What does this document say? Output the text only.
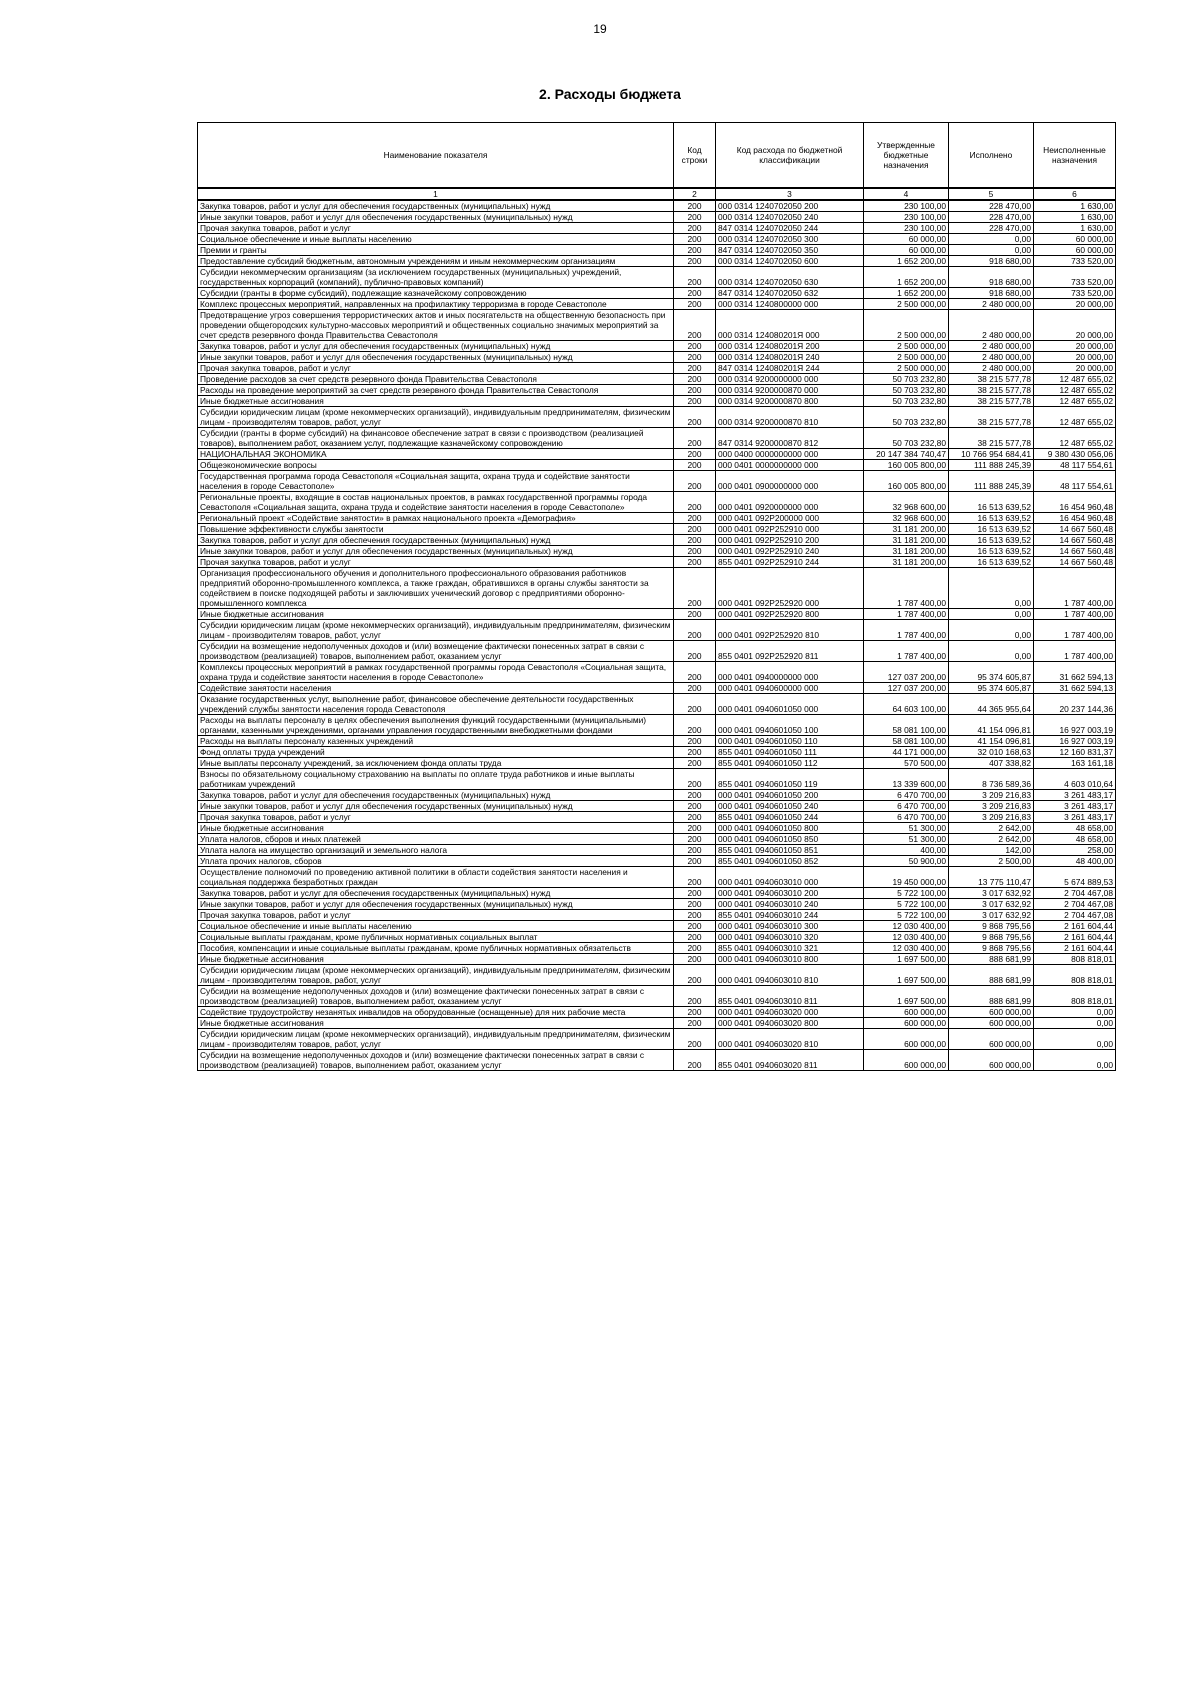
19
2. Расходы бюджета
Наименование показателя	Код строки	Код расхода по бюджетной классификации	Утвержденные бюджетные назначения	Исполнено	Неисполненные назначения
1	2	3	4	5	6
Закупка товаров, работ и услуг для обеспечения государственных (муниципальных) нужд	200	000 0314 1240702050 200	230 100,00	228 470,00	1 630,00
Иные закупки товаров, работ и услуг для обеспечения государственных (муниципальных) нужд	200	000 0314 1240702050 240	230 100,00	228 470,00	1 630,00
Прочая закупка товаров, работ и услуг	200	847 0314 1240702050 244	230 100,00	228 470,00	1 630,00
Социальное обеспечение и иные выплаты населению	200	000 0314 1240702050 300	60 000,00	0,00	60 000,00
Премии и гранты	200	847 0314 1240702050 350	60 000,00	0,00	60 000,00
Предоставление субсидий бюджетным, автономным учреждениям и иным некоммерческим организациям	200	000 0314 1240702050 600	1 652 200,00	918 680,00	733 520,00
Субсидии некоммерческим организациям (за исключением государственных (муниципальных) учреждений, государственных корпораций (компаний), публично-правовых компаний)	200	000 0314 1240702050 630	1 652 200,00	918 680,00	733 520,00
Субсидии (гранты в форме субсидий), подлежащие казначейскому сопровождению	200	847 0314 1240702050 632	1 652 200,00	918 680,00	733 520,00
Комплекс процессных мероприятий, направленных на профилактику терроризма в городе Севастополе	200	000 0314 1240800000 000	2 500 000,00	2 480 000,00	20 000,00
Предотвращение угроз совершения террористических актов и иных посягательств на общественную безопасность при проведении общегородских культурно-массовых мероприятий и общественных социально значимых мероприятий за счет средств резервного фонда Правительства Севастополя	200	000 0314 124080201Я 000	2 500 000,00	2 480 000,00	20 000,00
Закупка товаров, работ и услуг для обеспечения государственных (муниципальных) нужд	200	000 0314 124080201Я 200	2 500 000,00	2 480 000,00	20 000,00
Иные закупки товаров, работ и услуг для обеспечения государственных (муниципальных) нужд	200	000 0314 124080201Я 240	2 500 000,00	2 480 000,00	20 000,00
Прочая закупка товаров, работ и услуг	200	847 0314 124080201Я 244	2 500 000,00	2 480 000,00	20 000,00
Проведение расходов за счет средств резервного фонда Правительства Севастополя	200	000 0314 9200000000 000	50 703 232,80	38 215 577,78	12 487 655,02
Расходы на проведение мероприятий за счет средств резервного фонда Правительства Севастополя	200	000 0314 9200000870 000	50 703 232,80	38 215 577,78	12 487 655,02
Иные бюджетные ассигнования	200	000 0314 9200000870 800	50 703 232,80	38 215 577,78	12 487 655,02
Субсидии юридическим лицам (кроме некоммерческих организаций), индивидуальным предпринимателям, физическим лицам - производителям товаров, работ, услуг	200	000 0314 9200000870 810	50 703 232,80	38 215 577,78	12 487 655,02
Субсидии (гранты в форме субсидий) на финансовое обеспечение затрат в связи с производством (реализацией товаров), выполнением работ, оказанием услуг, подлежащие казначейскому сопровождению	200	847 0314 9200000870 812	50 703 232,80	38 215 577,78	12 487 655,02
НАЦИОНАЛЬНАЯ ЭКОНОМИКА	200	000 0400 0000000000 000	20 147 384 740,47	10 766 954 684,41	9 380 430 056,06
Общеэкономические вопросы	200	000 0401 0000000000 000	160 005 800,00	111 888 245,39	48 117 554,61
Государственная программа города Севастополя «Социальная защита, охрана труда и содействие занятости населения в городе Севастополе»	200	000 0401 0900000000 000	160 005 800,00	111 888 245,39	48 117 554,61
Региональные проекты, входящие в состав национальных проектов, в рамках государственной программы города Севастополя «Социальная защита, охрана труда и содействие занятости населения в городе Севастополе»	200	000 0401 0920000000 000	32 968 600,00	16 513 639,52	16 454 960,48
Региональный проект «Содействие занятости» в рамках национального проекта «Демография»	200	000 0401 092P200000 000	32 968 600,00	16 513 639,52	16 454 960,48
Повышение эффективности службы занятости	200	000 0401 092P252910 000	31 181 200,00	16 513 639,52	14 667 560,48
Закупка товаров, работ и услуг для обеспечения государственных (муниципальных) нужд	200	000 0401 092P252910 200	31 181 200,00	16 513 639,52	14 667 560,48
Иные закупки товаров, работ и услуг для обеспечения государственных (муниципальных) нужд	200	000 0401 092P252910 240	31 181 200,00	16 513 639,52	14 667 560,48
Прочая закупка товаров, работ и услуг	200	855 0401 092P252910 244	31 181 200,00	16 513 639,52	14 667 560,48
Организация профессионального обучения и дополнительного профессионального образования работников предприятий оборонно-промышленного комплекса, а также граждан, обратившихся в органы службы занятости за содействием в поиске подходящей работы и заключивших ученический договор с предприятиями оборонно-промышленного комплекса	200	000 0401 092P252920 000	1 787 400,00	0,00	1 787 400,00
Иные бюджетные ассигнования	200	000 0401 092P252920 800	1 787 400,00	0,00	1 787 400,00
Субсидии юридическим лицам (кроме некоммерческих организаций), индивидуальным предпринимателям, физическим лицам - производителям товаров, работ, услуг	200	000 0401 092P252920 810	1 787 400,00	0,00	1 787 400,00
Субсидии на возмещение недополученных доходов и (или) возмещение фактически понесенных затрат в связи с производством (реализацией) товаров, выполнением работ, оказанием услуг	200	855 0401 092P252920 811	1 787 400,00	0,00	1 787 400,00
Комплексы процессных мероприятий в рамках государственной программы города Севастополя «Социальная защита, охрана труда и содействие занятости населения в городе Севастополе»	200	000 0401 0940000000 000	127 037 200,00	95 374 605,87	31 662 594,13
Содействие занятости населения	200	000 0401 0940600000 000	127 037 200,00	95 374 605,87	31 662 594,13
Оказание государственных услуг, выполнение работ, финансовое обеспечение деятельности государственных учреждений службы занятости населения города Севастополя	200	000 0401 0940601050 000	64 603 100,00	44 365 955,64	20 237 144,36
Расходы на выплаты персоналу в целях обеспечения выполнения функций государственными (муниципальными) органами, казенными учреждениями, органами управления государственными внебюджетными фондами	200	000 0401 0940601050 100	58 081 100,00	41 154 096,81	16 927 003,19
Расходы на выплаты персоналу казенных учреждений	200	000 0401 0940601050 110	58 081 100,00	41 154 096,81	16 927 003,19
Фонд оплаты труда учреждений	200	855 0401 0940601050 111	44 171 000,00	32 010 168,63	12 160 831,37
Иные выплаты персоналу учреждений, за исключением фонда оплаты труда	200	855 0401 0940601050 112	570 500,00	407 338,82	163 161,18
Взносы по обязательному социальному страхованию на выплаты по оплате труда работников и иные выплаты работникам учреждений	200	855 0401 0940601050 119	13 339 600,00	8 736 589,36	4 603 010,64
Закупка товаров, работ и услуг для обеспечения государственных (муниципальных) нужд	200	000 0401 0940601050 200	6 470 700,00	3 209 216,83	3 261 483,17
Иные закупки товаров, работ и услуг для обеспечения государственных (муниципальных) нужд	200	000 0401 0940601050 240	6 470 700,00	3 209 216,83	3 261 483,17
Прочая закупка товаров, работ и услуг	200	855 0401 0940601050 244	6 470 700,00	3 209 216,83	3 261 483,17
Иные бюджетные ассигнования	200	000 0401 0940601050 800	51 300,00	2 642,00	48 658,00
Уплата налогов, сборов и иных платежей	200	000 0401 0940601050 850	51 300,00	2 642,00	48 658,00
Уплата налога на имущество организаций и земельного налога	200	855 0401 0940601050 851	400,00	142,00	258,00
Уплата прочих налогов, сборов	200	855 0401 0940601050 852	50 900,00	2 500,00	48 400,00
Осуществление полномочий по проведению активной политики в области содействия занятости населения и социальная поддержка безработных граждан	200	000 0401 0940603010 000	19 450 000,00	13 775 110,47	5 674 889,53
Закупка товаров, работ и услуг для обеспечения государственных (муниципальных) нужд	200	000 0401 0940603010 200	5 722 100,00	3 017 632,92	2 704 467,08
Иные закупки товаров, работ и услуг для обеспечения государственных (муниципальных) нужд	200	000 0401 0940603010 240	5 722 100,00	3 017 632,92	2 704 467,08
Прочая закупка товаров, работ и услуг	200	855 0401 0940603010 244	5 722 100,00	3 017 632,92	2 704 467,08
Социальное обеспечение и иные выплаты населению	200	000 0401 0940603010 300	12 030 400,00	9 868 795,56	2 161 604,44
Социальные выплаты гражданам, кроме публичных нормативных социальных выплат	200	000 0401 0940603010 320	12 030 400,00	9 868 795,56	2 161 604,44
Пособия, компенсации и иные социальные выплаты гражданам, кроме публичных нормативных обязательств	200	855 0401 0940603010 321	12 030 400,00	9 868 795,56	2 161 604,44
Иные бюджетные ассигнования	200	000 0401 0940603010 800	1 697 500,00	888 681,99	808 818,01
Субсидии юридическим лицам (кроме некоммерческих организаций), индивидуальным предпринимателям, физическим лицам - производителям товаров, работ, услуг	200	000 0401 0940603010 810	1 697 500,00	888 681,99	808 818,01
Субсидии на возмещение недополученных доходов и (или) возмещение фактически понесенных затрат в связи с производством (реализацией) товаров, выполнением работ, оказанием услуг	200	855 0401 0940603010 811	1 697 500,00	888 681,99	808 818,01
Содействие трудоустройству незанятых инвалидов на оборудованные (оснащенные) для них рабочие места	200	000 0401 0940603020 000	600 000,00	600 000,00	0,00
Иные бюджетные ассигнования	200	000 0401 0940603020 800	600 000,00	600 000,00	0,00
Субсидии юридическим лицам (кроме некоммерческих организаций), индивидуальным предпринимателям, физическим лицам - производителям товаров, работ, услуг	200	000 0401 0940603020 810	600 000,00	600 000,00	0,00
Субсидии на возмещение недополученных доходов и (или) возмещение фактически понесенных затрат в связи с производством (реализацией) товаров, выполнением работ, оказанием услуг	200	855 0401 0940603020 811	600 000,00	600 000,00	0,00
